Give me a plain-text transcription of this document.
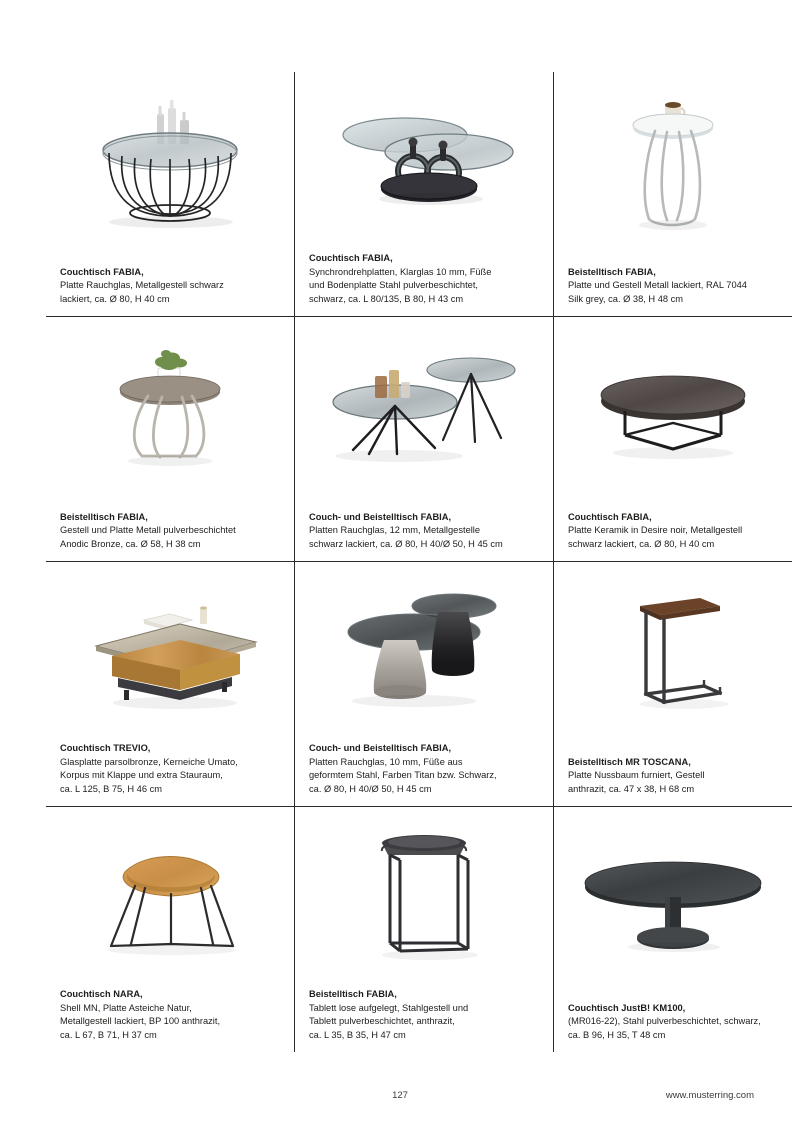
Couchtisch FABIA,
Platte Rauchglas, Metallgestell schwarz
lackiert, ca. Ø 80, H 40 cm
Couchtisch FABIA,
Synchrondrehplatten, Klarglas 10 mm, Füße
und Bodenplatte Stahl pulverbeschichtet,
schwarz, ca. L 80/135, B 80, H 43 cm
Beistelltisch FABIA,
Platte und Gestell Metall lackiert, RAL 7044
Silk grey, ca. Ø 38, H 48 cm
Beistelltisch FABIA,
Gestell und Platte Metall pulverbeschichtet
Anodic Bronze, ca. Ø 58, H 38 cm
Couch- und Beistelltisch FABIA,
Platten Rauchglas, 12 mm, Metallgestelle
schwarz lackiert, ca. Ø 80, H 40/Ø 50, H 45 cm
Couchtisch FABIA,
Platte Keramik in Desire noir, Metallgestell
schwarz lackiert, ca. Ø 80, H 40 cm
Couchtisch TREVIO,
Glasplatte parsolbronze, Kerneiche Umato,
Korpus mit Klappe und extra Stauraum,
ca. L 125, B 75, H 46 cm
Couch- und Beistelltisch FABIA,
Platten Rauchglas, 10 mm, Füße aus
geformtem Stahl, Farben Titan bzw. Schwarz,
ca. Ø 80, H 40/Ø 50, H 45 cm
Beistelltisch MR TOSCANA,
Platte Nussbaum furniert, Gestell
anthrazit, ca. 47 x 38, H 68 cm
Couchtisch NARA,
Shell MN, Platte Asteiche Natur,
Metallgestell lackiert, BP 100 anthrazit,
ca. L 67, B 71, H 37 cm
Beistelltisch FABIA,
Tablett lose aufgelegt, Stahlgestell und
Tablett pulverbeschichtet, anthrazit,
ca. L 35, B 35, H 47 cm
Couchtisch JustB! KM100,
(MR016-22), Stahl pulverbeschichtet, schwarz,
ca. B 96, H 35, T 48 cm
127	www.musterring.com
